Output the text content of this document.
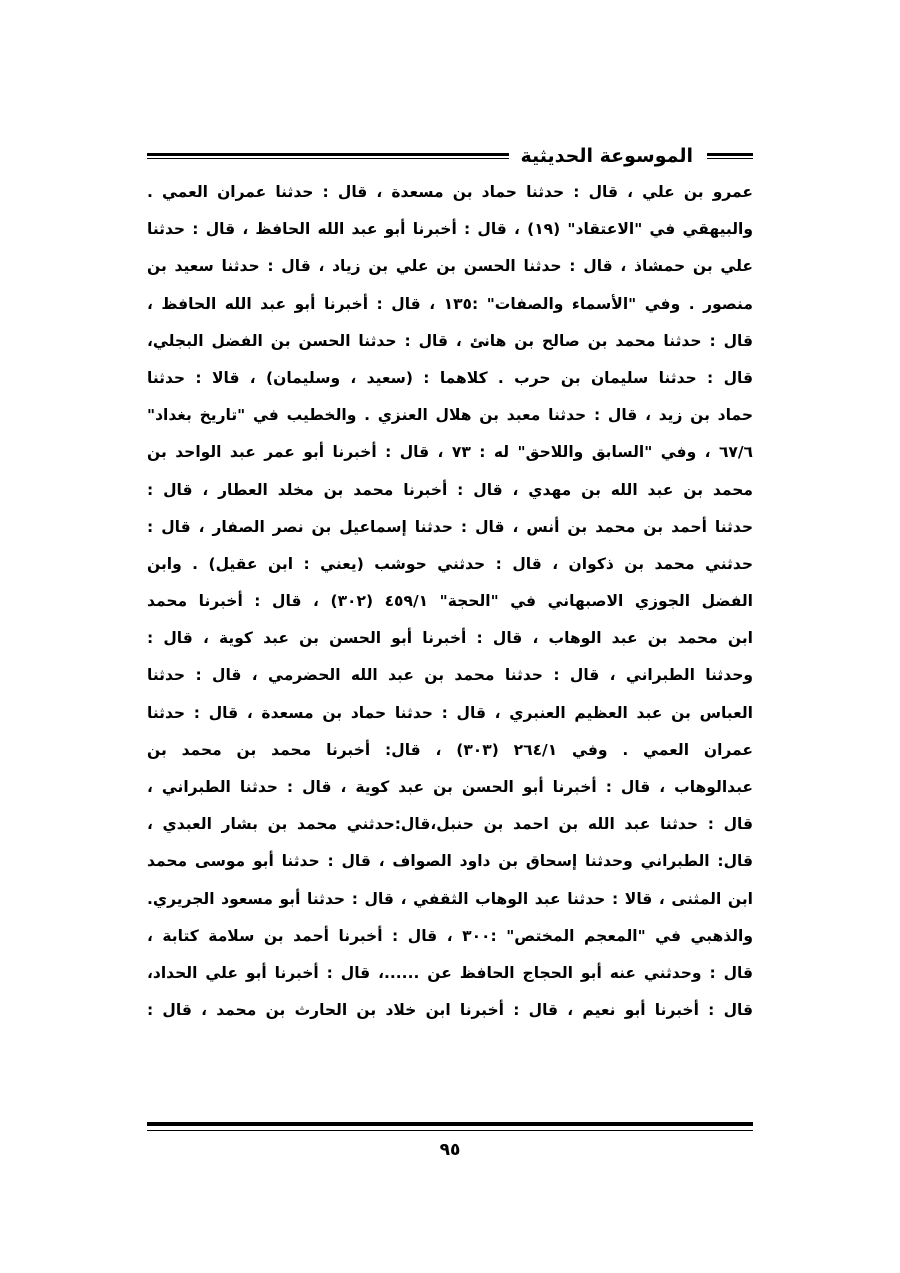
الموسوعة الحديثية
عمرو بن علي ، قال : حدثنا حماد بن مسعدة ، قال : حدثنا عمران العمي .
والبيهقي في "الاعتقاد" (١٩) ، قال : أخبرنا أبو عبد الله الحافظ ، قال : حدثنا
علي بن حمشاذ ، قال : حدثنا الحسن بن علي بن زياد ، قال : حدثنا سعيد بن
منصور . وفي "الأسماء والصفات" :١٣٥ ، قال : أخبرنا أبو عبد الله الحافظ ،
قال : حدثنا محمد بن صالح بن هانئ ، قال : حدثنا الحسن بن الفضل البجلي،
قال : حدثنا سليمان بن حرب . كلاهما : (سعيد ، وسليمان) ، قالا : حدثنا
حماد بن زيد ، قال : حدثنا معبد بن هلال العنزي . والخطيب في "تاريخ بغداد"
٦٧/٦ ، وفي "السابق واللاحق" له : ٧٣ ، قال : أخبرنا أبو عمر عبد الواحد بن
محمد بن عبد الله بن مهدي ، قال : أخبرنا محمد بن مخلد العطار ، قال :
حدثنا أحمد بن محمد بن أنس ، قال : حدثنا إسماعيل بن نصر الصفار ، قال :
حدثني محمد بن ذكوان ، قال : حدثني حوشب (يعني : ابن عقيل) . وابن
الفضل الجوزي الاصبهاني في "الحجة" ٤٥٩/١ (٣٠٢) ، قال : أخبرنا محمد
ابن محمد بن عبد الوهاب ، قال : أخبرنا أبو الحسن بن عبد كوية ، قال :
وحدثنا الطبراني ، قال : حدثنا محمد بن عبد الله الحضرمي ، قال : حدثنا
العباس بن عبد العظيم العنبري ، قال : حدثنا حماد بن مسعدة ، قال : حدثنا
عمران العمي . وفي ٢٦٤/١ (٣٠٣) ، قال: أخبرنا محمد بن محمد بن
عبدالوهاب ، قال : أخبرنا أبو الحسن بن عبد كوية ، قال : حدثنا الطبراني ،
قال : حدثنا عبد الله بن احمد بن حنبل،قال:حدثني محمد بن بشار العبدي ،
قال: الطبراني وحدثنا إسحاق بن داود الصواف ، قال : حدثنا أبو موسى محمد
ابن المثنى ، قالا : حدثنا عبد الوهاب الثقفي ، قال : حدثنا أبو مسعود الجريري.
والذهبي في "المعجم المختص" :٣٠٠ ، قال : أخبرنا أحمد بن سلامة كتابة ،
قال : وحدثني عنه أبو الحجاج الحافظ عن ......، قال : أخبرنا أبو علي الحداد،
قال : أخبرنا أبو نعيم ، قال : أخبرنا ابن خلاد بن الحارث بن محمد ، قال :
٩٥
